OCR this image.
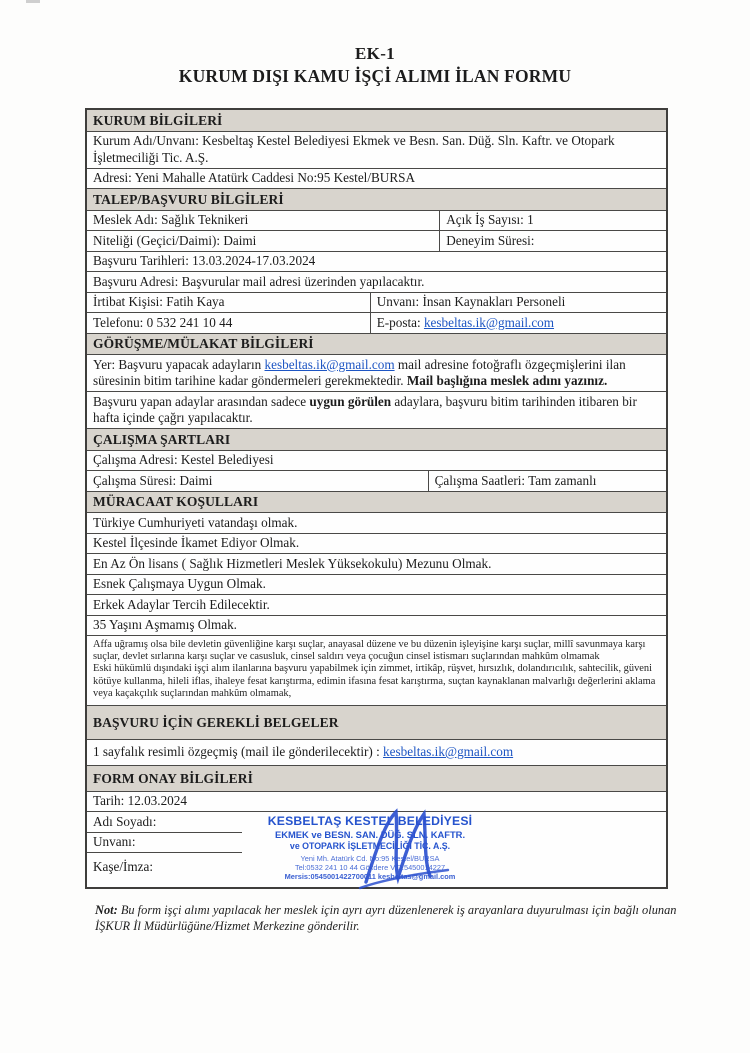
EK-1
KURUM DIŞI KAMU İŞÇİ ALIMI İLAN FORMU
KURUM BİLGİLERİ
Kurum Adı/Unvanı: Kesbeltaş Kestel Belediyesi Ekmek ve Besn. San. Düğ. Sln. Kaftr. ve Otopark İşletmeciliği Tic. A.Ş.
Adresi: Yeni Mahalle Atatürk Caddesi No:95 Kestel/BURSA
TALEP/BAŞVURU BİLGİLERİ
Meslek Adı: Sağlık Teknikeri	Açık İş Sayısı: 1
Niteliği (Geçici/Daimi): Daimi	Deneyim Süresi:
Başvuru Tarihleri: 13.03.2024-17.03.2024
Başvuru Adresi: Başvurular mail adresi üzerinden yapılacaktır.
İrtibat Kişisi: Fatih Kaya	Unvanı: İnsan Kaynakları Personeli
Telefonu: 0 532 241 10 44	E-posta: kesbeltas.ik@gmail.com
GÖRÜŞME/MÜLAKAT BİLGİLERİ
Yer: Başvuru yapacak adayların kesbeltas.ik@gmail.com mail adresine fotoğraflı özgeçmişlerini ilan süresinin bitim tarihine kadar göndermeleri gerekmektedir. Mail başlığına meslek adını yazınız.
Başvuru yapan adaylar arasından sadece uygun görülen adaylara, başvuru bitim tarihinden itibaren bir hafta içinde çağrı yapılacaktır.
ÇALIŞMA ŞARTLARI
Çalışma Adresi: Kestel Belediyesi
Çalışma Süresi: Daimi	Çalışma Saatleri: Tam zamanlı
MÜRACAAT KOŞULLARI
Türkiye Cumhuriyeti vatandaşı olmak.
Kestel İlçesinde İkamet Ediyor Olmak.
En Az Ön lisans ( Sağlık Hizmetleri Meslek Yüksekokulu) Mezunu Olmak.
Esnek Çalışmaya Uygun Olmak.
Erkek Adaylar Tercih Edilecektir.
35 Yaşını Aşmamış Olmak.

Affa uğramış olsa bile devletin güvenliğine karşı suçlar, anayasal düzene ve bu düzenin işleyişine karşı suçlar, millî savunmaya karşı suçlar, devlet sırlarına karşı suçlar ve casusluk, cinsel saldırı veya çocuğun cinsel istismarı suçlarından mahkûm olmamak

Eski hükümlü dışındaki işçi alım ilanlarına başvuru yapabilmek için zimmet, irtikâp, rüşvet, hırsızlık, dolandırıcılık, sahtecilik, güveni kötüye kullanma, hileli iflas, ihaleye fesat karıştırma, edimin ifasına fesat karıştırma, suçtan kaynaklanan malvarlığı değerlerini aklama veya kaçakçılık suçlarından mahkûm olmamak,

BAŞVURU İÇİN GEREKLİ BELGELER
1 sayfalık resimli özgeçmiş (mail ile gönderilecektir) : kesbeltas.ik@gmail.com
FORM ONAY BİLGİLERİ
Tarih: 12.03.2024
Adı Soyadı:
Unvanı:
Kaşe/İmza:
KESBELTAŞ KESTEL BELEDİYESİ
EKMEK ve BESN. SAN. DÜĞ. SLN. KAFTR.
ve OTOPARK İŞLETMECİLİĞİ TİC. A.Ş.
Yeni Mh. Atatürk Cd. No:95 Kestel/BURSA
Tel:0532 241 10 44 Gökdere V.D.5450014227
Mersis:0545001422700011 kesbeltas@gmail.com
Not: Bu form işçi alımı yapılacak her meslek için ayrı ayrı düzenlenerek iş arayanlara duyurulması için bağlı olunan İŞKUR İl Müdürlüğüne/Hizmet Merkezine gönderilir.
